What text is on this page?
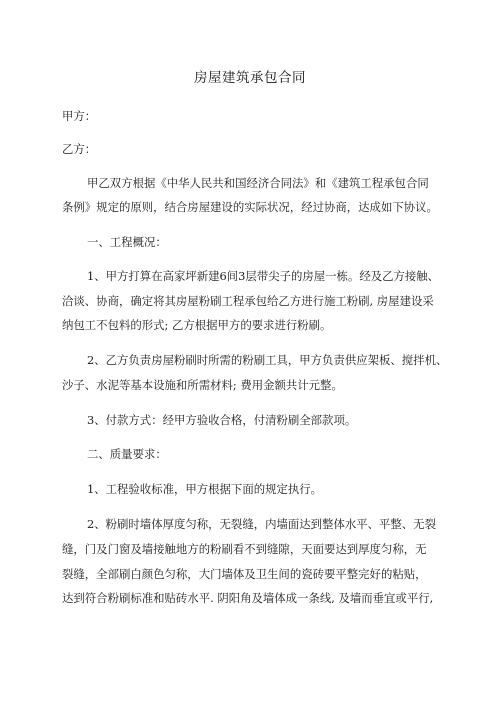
房屋建筑承包合同
甲方：
乙方：
甲乙双方根据《中华人民共和国经济合同法》和《建筑工程承包合同
条例》规定的原则，结合房屋建设的实际状况，经过协商，达成如下协议。
一、工程概况：
1、甲方打算在高家坪新建6间3层带尖子的房屋一栋。经及乙方接触、
洽谈、协商，确定将其房屋粉刷工程承包给乙方进行施工粉刷, 房屋建设采
纳包工不包料的形式; 乙方根据甲方的要求进行粉刷。
2、乙方负责房屋粉刷时所需的粉刷工具，甲方负责供应架板、搅拌机、
沙子、水泥等基本设施和所需材料; 费用金额共计元整。
3、付款方式：经甲方验收合格，付清粉刷全部款项。
二、质量要求：
1、工程验收标准，甲方根据下面的规定执行。
2、粉刷时墙体厚度匀称，无裂缝，内墙面达到整体水平、平整、无裂
缝，门及门窗及墙接触地方的粉刷看不到缝隙，天面要达到厚度匀称，无
裂缝，全部刷白颜色匀称，大门墙体及卫生间的瓷砖要平整完好的粘贴，
达到符合粉刷标准和贴砖水平. 阴阳角及墙体成一条线, 及墙而垂宜或平行,
